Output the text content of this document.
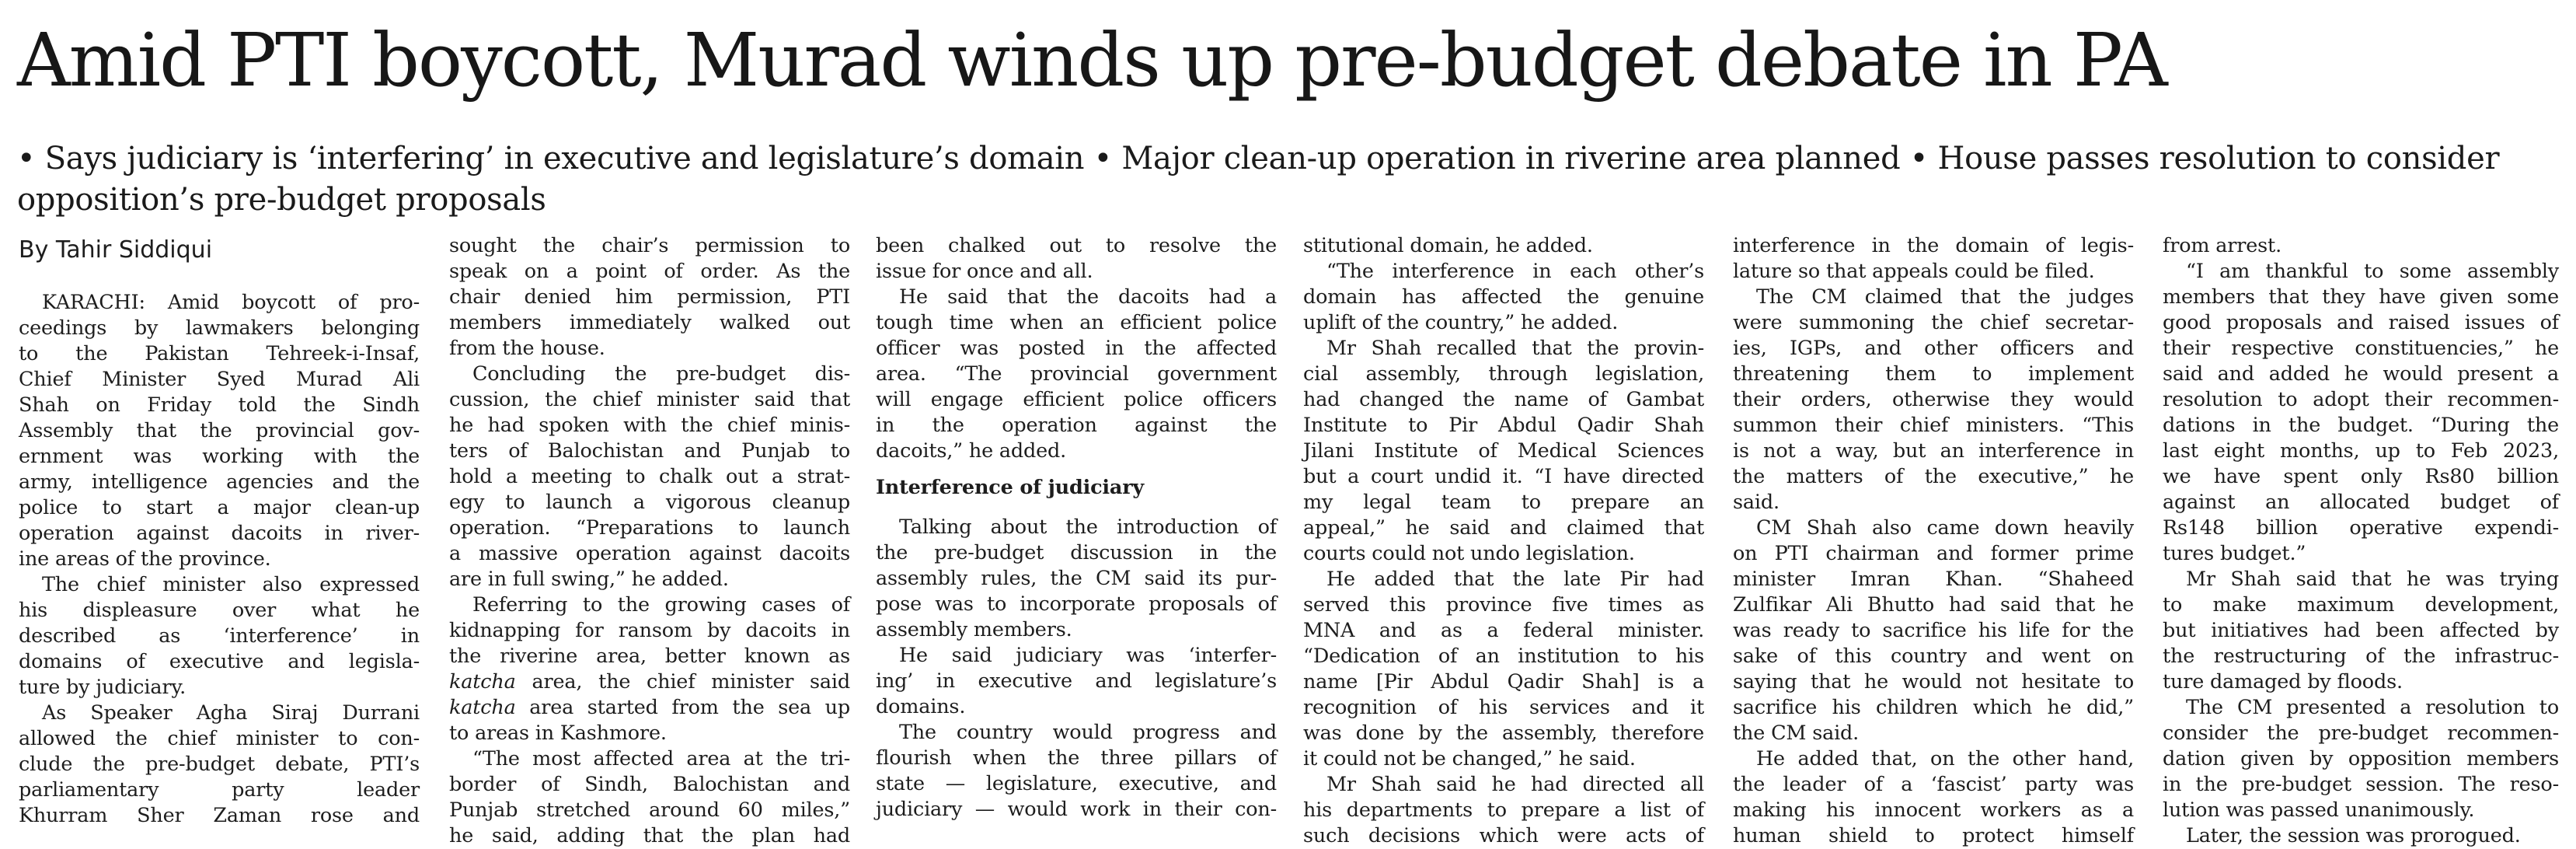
Amid PTI boycott, Murad winds up pre-budget debate in PA
• Says judiciary is ‘interfering’ in executive and legislature’s domain • Major clean-up operation in riverine area planned • House passes resolution to consider opposition’s pre-budget proposals
By Tahir Siddiqui
KARACHI: Amid boycott of pro-
ceedings by lawmakers belonging
to the Pakistan Tehreek-i-Insaf,
Chief Minister Syed Murad Ali
Shah on Friday told the Sindh
Assembly that the provincial gov-
ernment was working with the
army, intelligence agencies and the
police to start a major clean-up
operation against dacoits in river-
ine areas of the province.
The chief minister also expressed
his displeasure over what he
described as ‘interference’ in
domains of executive and legisla-
ture by judiciary.
As Speaker Agha Siraj Durrani
allowed the chief minister to con-
clude the pre-budget debate, PTI’s
parliamentary party leader
Khurram Sher Zaman rose and
sought the chair’s permission to
speak on a point of order. As the
chair denied him permission, PTI
members immediately walked out
from the house.
Concluding the pre-budget dis-
cussion, the chief minister said that
he had spoken with the chief minis-
ters of Balochistan and Punjab to
hold a meeting to chalk out a strat-
egy to launch a vigorous cleanup
operation. “Preparations to launch
a massive operation against dacoits
are in full swing,” he added.
Referring to the growing cases of
kidnapping for ransom by dacoits in
the riverine area, better known as
katcha area, the chief minister said
katcha area started from the sea up
to areas in Kashmore.
“The most affected area at the tri-
border of Sindh, Balochistan and
Punjab stretched around 60 miles,”
he said, adding that the plan had
been chalked out to resolve the
issue for once and all.
He said that the dacoits had a
tough time when an efficient police
officer was posted in the affected
area. “The provincial government
will engage efficient police officers
in the operation against the
dacoits,” he added.
Interference of judiciary
Talking about the introduction of
the pre-budget discussion in the
assembly rules, the CM said its pur-
pose was to incorporate proposals of
assembly members.
He said judiciary was ‘interfer-
ing’ in executive and legislature’s
domains.
The country would progress and
flourish when the three pillars of
state — legislature, executive, and
judiciary — would work in their con-
stitutional domain, he added.
“The interference in each other’s
domain has affected the genuine
uplift of the country,” he added.
Mr Shah recalled that the provin-
cial assembly, through legislation,
had changed the name of Gambat
Institute to Pir Abdul Qadir Shah
Jilani Institute of Medical Sciences
but a court undid it. “I have directed
my legal team to prepare an
appeal,” he said and claimed that
courts could not undo legislation.
He added that the late Pir had
served this province five times as
MNA and as a federal minister.
“Dedication of an institution to his
name [Pir Abdul Qadir Shah] is a
recognition of his services and it
was done by the assembly, therefore
it could not be changed,” he said.
Mr Shah said he had directed all
his departments to prepare a list of
such decisions which were acts of
interference in the domain of legis-
lature so that appeals could be filed.
The CM claimed that the judges
were summoning the chief secretar-
ies, IGPs, and other officers and
threatening them to implement
their orders, otherwise they would
summon their chief ministers. “This
is not a way, but an interference in
the matters of the executive,” he
said.
CM Shah also came down heavily
on PTI chairman and former prime
minister Imran Khan. “Shaheed
Zulfikar Ali Bhutto had said that he
was ready to sacrifice his life for the
sake of this country and went on
saying that he would not hesitate to
sacrifice his children which he did,”
the CM said.
He added that, on the other hand,
the leader of a ‘fascist’ party was
making his innocent workers as a
human shield to protect himself
from arrest.
“I am thankful to some assembly
members that they have given some
good proposals and raised issues of
their respective constituencies,” he
said and added he would present a
resolution to adopt their recommen-
dations in the budget. “During the
last eight months, up to Feb 2023,
we have spent only Rs80 billion
against an allocated budget of
Rs148 billion operative expendi-
tures budget.”
Mr Shah said that he was trying
to make maximum development,
but initiatives had been affected by
the restructuring of the infrastruc-
ture damaged by floods.
The CM presented a resolution to
consider the pre-budget recommen-
dation given by opposition members
in the pre-budget session. The reso-
lution was passed unanimously.
Later, the session was prorogued.
